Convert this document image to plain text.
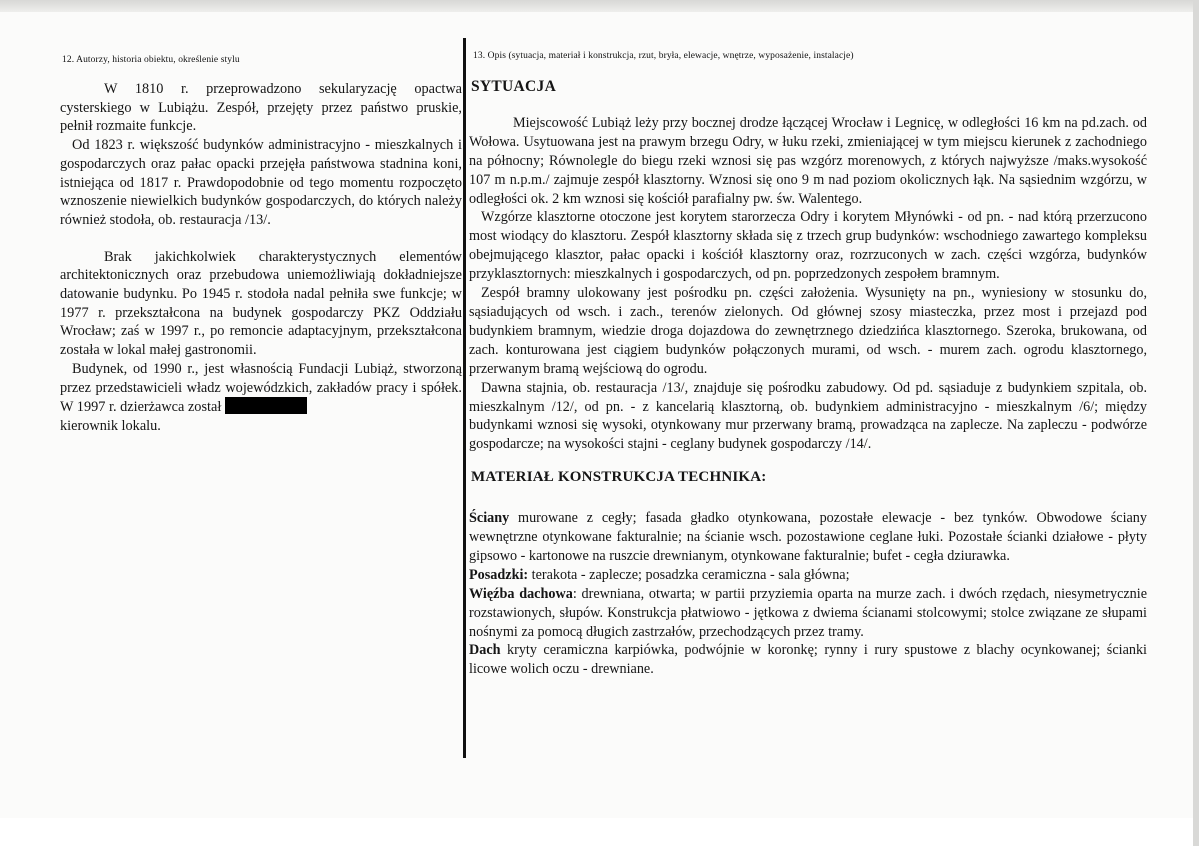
12. Autorzy, historia obiektu, określenie stylu	13. Opis (sytuacja, materiał i konstrukcja, rzut, bryła, elewacje, wnętrze, wyposażenie, instalacje)

W 1810 r. przeprowadzono sekularyzację opactwa cysterskiego w Lubiążu. Zespół, przejęty przez państwo pruskie, pełnił rozmaite funkcje.

Od 1823 r. większość budynków administracyjno - mieszkalnych i gospodarczych oraz pałac opacki przejęła państwowa stadnina koni, istniejąca od 1817 r. Prawdopodobnie od tego momentu rozpoczęto wznoszenie niewielkich budynków gospodarczych, do których należy również stodoła, ob. restauracja /13/.

Brak jakichkolwiek charakterystycznych elementów architektonicznych oraz przebudowa uniemożliwiają dokładniejsze datowanie budynku. Po 1945 r. stodoła nadal pełniła swe funkcje; w 1977 r. przekształcona na budynek gospodarczy PKZ Oddziału Wrocław; zaś w 1997 r., po remoncie adaptacyjnym, przekształcona została w lokal małej gastronomii.

Budynek, od 1990 r., jest własnością Fundacji Lubiąż, stworzoną przez przedstawicieli władz wojewódzkich, zakładów pracy i spółek. W 1997 r. dzierżawca został

kierownik lokalu.

SYTUACJA

Miejscowość Lubiąż leży przy bocznej drodze łączącej Wrocław i Legnicę, w odległości 16 km na pd.zach. od Wołowa. Usytuowana jest na prawym brzegu Odry, w łuku rzeki, zmieniającej w tym miejscu kierunek z zachodniego na północny; Równolegle do biegu rzeki wznosi się pas wzgórz morenowych, z których najwyższe /maks.wysokość 107 m n.p.m./ zajmuje zespół klasztorny. Wznosi się ono 9 m nad poziom okolicznych łąk. Na sąsiednim wzgórzu, w odległości ok. 2 km wznosi się kościół parafialny pw. św. Walentego.

Wzgórze klasztorne otoczone jest korytem starorzecza Odry i korytem Młynówki - od pn. - nad którą przerzucono most wiodący do klasztoru. Zespół klasztorny składa się z trzech grup budynków: wschodniego zawartego kompleksu obejmującego klasztor, pałac opacki i kościół klasztorny oraz, rozrzuconych w zach. części wzgórza, budynków przyklasztornych: mieszkalnych i gospodarczych, od pn. poprzedzonych zespołem bramnym.

Zespół bramny ulokowany jest pośrodku pn. części założenia. Wysunięty na pn., wyniesiony w stosunku do, sąsiadujących od wsch. i zach., terenów zielonych. Od głównej szosy miasteczka, przez most i przejazd pod budynkiem bramnym, wiedzie droga dojazdowa do zewnętrznego dziedzińca klasztornego. Szeroka, brukowana, od zach. konturowana jest ciągiem budynków połączonych murami, od wsch. - murem zach. ogrodu klasztornego, przerwanym bramą wejściową do ogrodu.

Dawna stajnia, ob. restauracja /13/, znajduje się pośrodku zabudowy. Od pd. sąsiaduje z budynkiem szpitala, ob. mieszkalnym /12/, od pn. - z kancelarią klasztorną, ob. budynkiem administracyjno - mieszkalnym /6/; między budynkami wznosi się wysoki, otynkowany mur przerwany bramą, prowadząca na zaplecze. Na zapleczu - podwórze gospodarcze; na wysokości stajni - ceglany budynek gospodarczy /14/.

MATERIAŁ KONSTRUKCJA TECHNIKA:

Ściany murowane z cegły; fasada gładko otynkowana, pozostałe elewacje - bez tynków. Obwodowe ściany wewnętrzne otynkowane fakturalnie; na ścianie wsch. pozostawione ceglane łuki. Pozostałe ścianki działowe - płyty gipsowo - kartonowe na ruszcie drewnianym, otynkowane fakturalnie; bufet - cegła dziurawka.

Posadzki: terakota - zaplecze; posadzka ceramiczna - sala główna;

Więźba dachowa: drewniana, otwarta; w partii przyziemia oparta na murze zach. i dwóch rzędach, niesymetrycznie rozstawionych, słupów. Konstrukcja płatwiowo - jętkowa z dwiema ścianami stolcowymi; stolce związane ze słupami nośnymi za pomocą długich zastrzałów, przechodzących przez tramy.

Dach kryty ceramiczna karpiówka, podwójnie w koronkę; rynny i rury spustowe z blachy ocynkowanej; ścianki licowe wolich oczu - drewniane.
